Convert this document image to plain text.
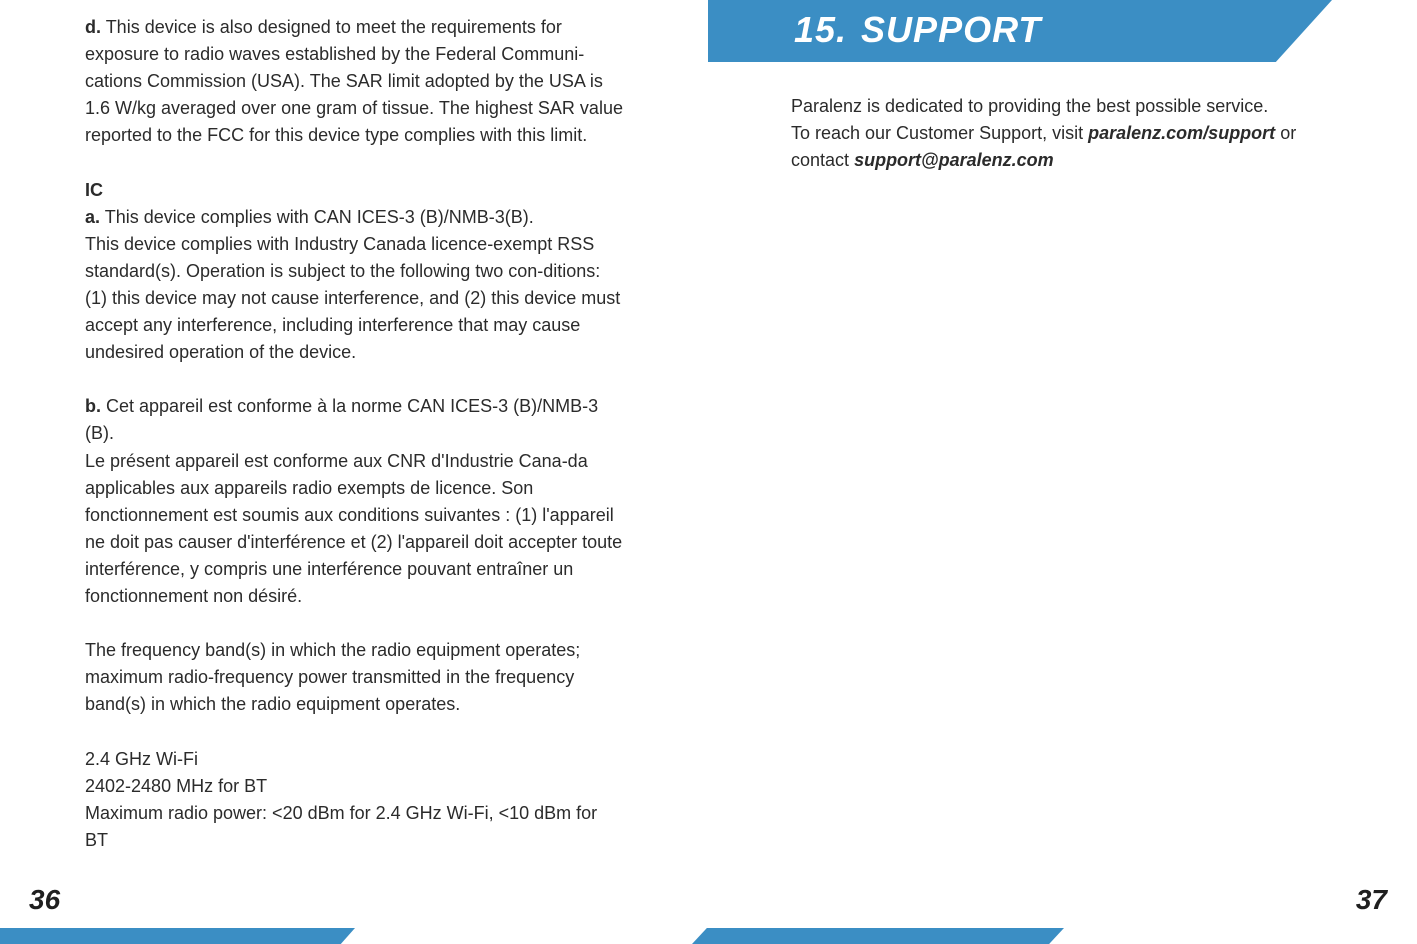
d. This device is also designed to meet the requirements for exposure to radio waves established by the Federal Communi-cations Commission (USA). The SAR limit adopted by the USA is 1.6 W/kg averaged over one gram of tissue. The highest SAR value reported to the FCC for this device type complies with this limit.

IC

a. This device complies with CAN ICES-3 (B)/NMB-3(B).

This device complies with Industry Canada licence-exempt RSS standard(s). Operation is subject to the following two con-ditions: (1) this device may not cause interference, and (2) this device must accept any interference, including interference that may cause undesired operation of the device.

b. Cet appareil est conforme à la norme CAN ICES-3 (B)/NMB-3 (B).

Le présent appareil est conforme aux CNR d'Industrie Cana-da applicables aux appareils radio exempts de licence. Son fonctionnement est soumis aux conditions suivantes : (1) l'appareil ne doit pas causer d'interférence et (2) l'appareil doit accepter toute interférence, y compris une interférence pouvant entraîner un fonctionnement non désiré.

The frequency band(s) in which the radio equipment operates; maximum radio-frequency power transmitted in the frequency band(s) in which the radio equipment operates.

2.4 GHz Wi-Fi

2402-2480 MHz for BT

Maximum radio power: <20 dBm for 2.4 GHz Wi-Fi, <10 dBm for BT

36
15. SUPPORT

Paralenz is dedicated to providing the best possible service.

To reach our Customer Support, visit paralenz.com/support or

contact support@paralenz.com

37
